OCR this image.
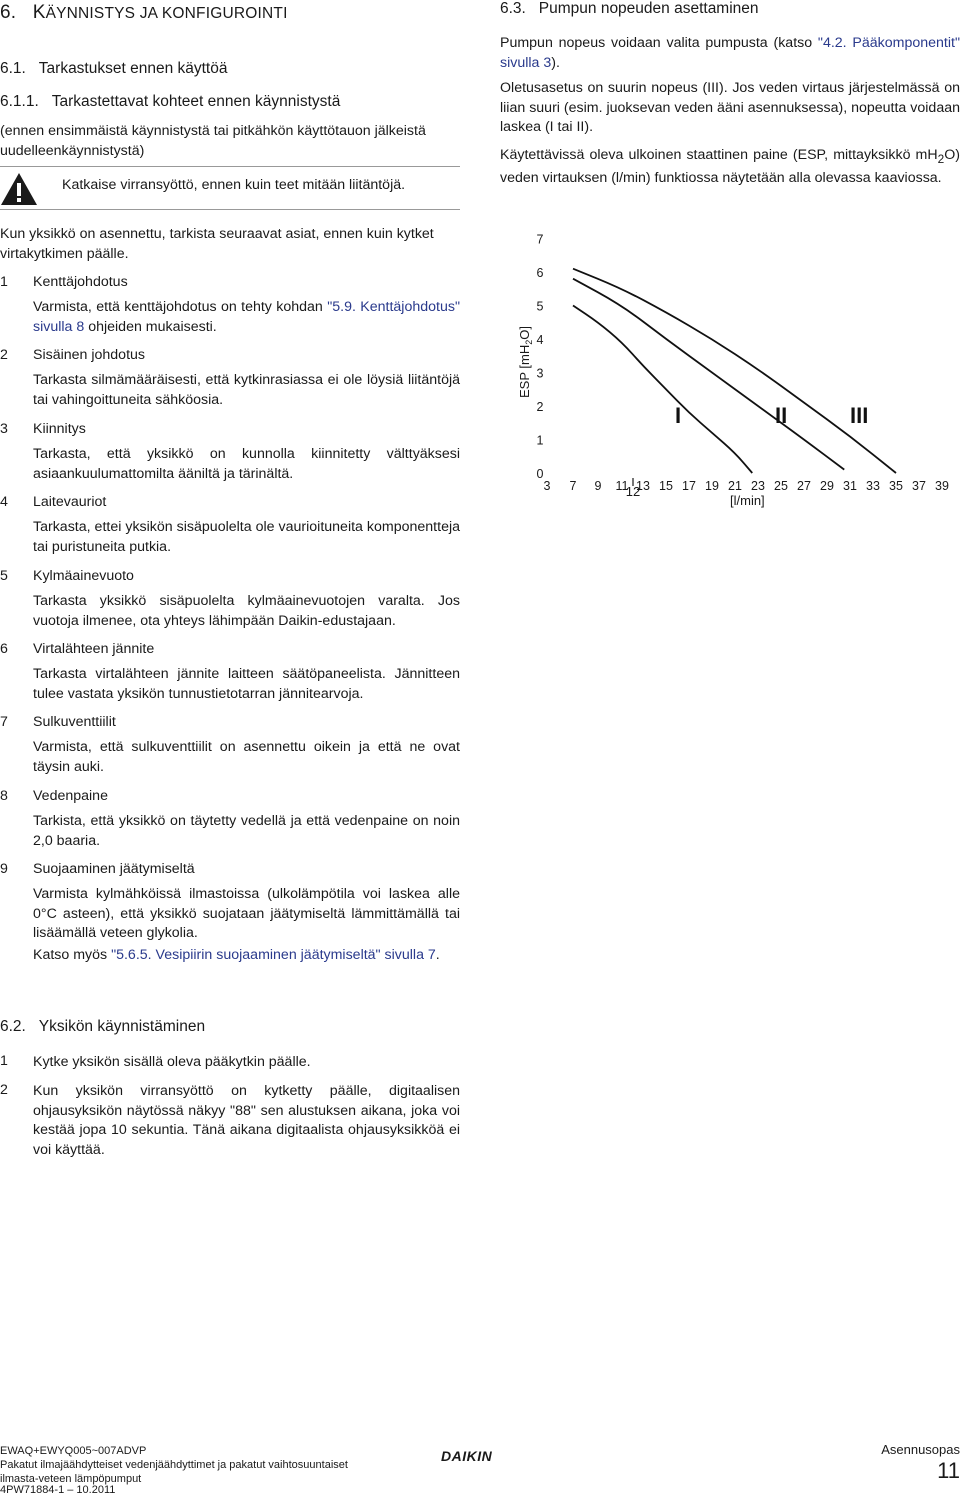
6. KÄYNNISTYS JA KONFIGUROINTI
6.1. Tarkastukset ennen käyttöä
6.1.1. Tarkastettavat kohteet ennen käynnistystä
(ennen ensimmäistä käynnistystä tai pitkähkön käyttötauon jälkeistä uudelleenkäynnistystä)
Katkaise virransyöttö, ennen kuin teet mitään liitäntöjä.
Kun yksikkö on asennettu, tarkista seuraavat asiat, ennen kuin kytket virtakytkimen päälle.
1 Kenttäjohdotus
Varmista, että kenttäjohdotus on tehty kohdan "5.9. Kenttäjohdotus" sivulla 8 ohjeiden mukaisesti.
2 Sisäinen johdotus
Tarkasta silmämääräisesti, että kytkinrasiassa ei ole löysiä liitäntöjä tai vahingoittuneita sähköosia.
3 Kiinnitys
Tarkasta, että yksikkö on kunnolla kiinnitetty välttyäksesi asiaankuulumattomilta ääniltä ja tärinältä.
4 Laitevauriot
Tarkasta, ettei yksikön sisäpuolelta ole vaurioituneita komponentteja tai puristuneita putkia.
5 Kylmäainevuoto
Tarkasta yksikkö sisäpuolelta kylmäainevuotojen varalta. Jos vuotoja ilmenee, ota yhteys lähimpään Daikin-edustajaan.
6 Virtalähteen jännite
Tarkasta virtalähteen jännite laitteen säätöpaneelista. Jännitteen tulee vastata yksikön tunnustietotarran jännitearvoja.
7 Sulkuventtiilit
Varmista, että sulkuventtiilit on asennettu oikein ja että ne ovat täysin auki.
8 Vedenpaine
Tarkista, että yksikkö on täytetty vedellä ja että vedenpaine on noin 2,0 baaria.
9 Suojaaminen jäätymiseltä
Varmista kylmähköissä ilmastoissa (ulkolämpötila voi laskea alle 0°C asteen), että yksikkö suojataan jäätymiseltä lämmittämällä tai lisäämällä veteen glykolia.
Katso myös "5.6.5. Vesipiirin suojaaminen jäätymiseltä" sivulla 7.
6.2. Yksikön käynnistäminen
1 Kytke yksikön sisällä oleva pääkytkin päälle.
2 Kun yksikön virransyöttö on kytketty päälle, digitaalisen ohjausyksikön näytössä näkyy "88" sen alustuksen aikana, joka voi kestää jopa 10 sekuntia. Tänä aikana digitaalista ohjausyksikköä ei voi käyttää.
6.3. Pumpun nopeuden asettaminen
Pumpun nopeus voidaan valita pumpusta (katso "4.2. Pääkomponentit" sivulla 3).
Oletusasetus on suurin nopeus (III). Jos veden virtaus järjestelmässä on liian suuri (esim. juoksevan veden ääni asennuksessa), nopeutta voidaan laskea (I tai II).
Käytettävissä oleva ulkoinen staattinen paine (ESP, mittayksikkö $mH_2O$) veden virtauksen (l/min) funktiossa näytetään alla olevassa kaaviossa.
0
1
2
3
4
5
6
7
3 7 9 11 13 15 17 19 21 23 25 27 29 31 33 35 37 39
I	II	III
ESP $[mH_2O]$
[l/min]
12
EWAQ+EWYQ005~007ADVP
Pakatut ilmajäähdytteiset vedenjäähdyttimet ja pakatut vaihtosuuntaiset
ilmasta-veteen lämpöpumput
4PW71884-1 – 10.2011
DAIKIN	Asennusopas
11
